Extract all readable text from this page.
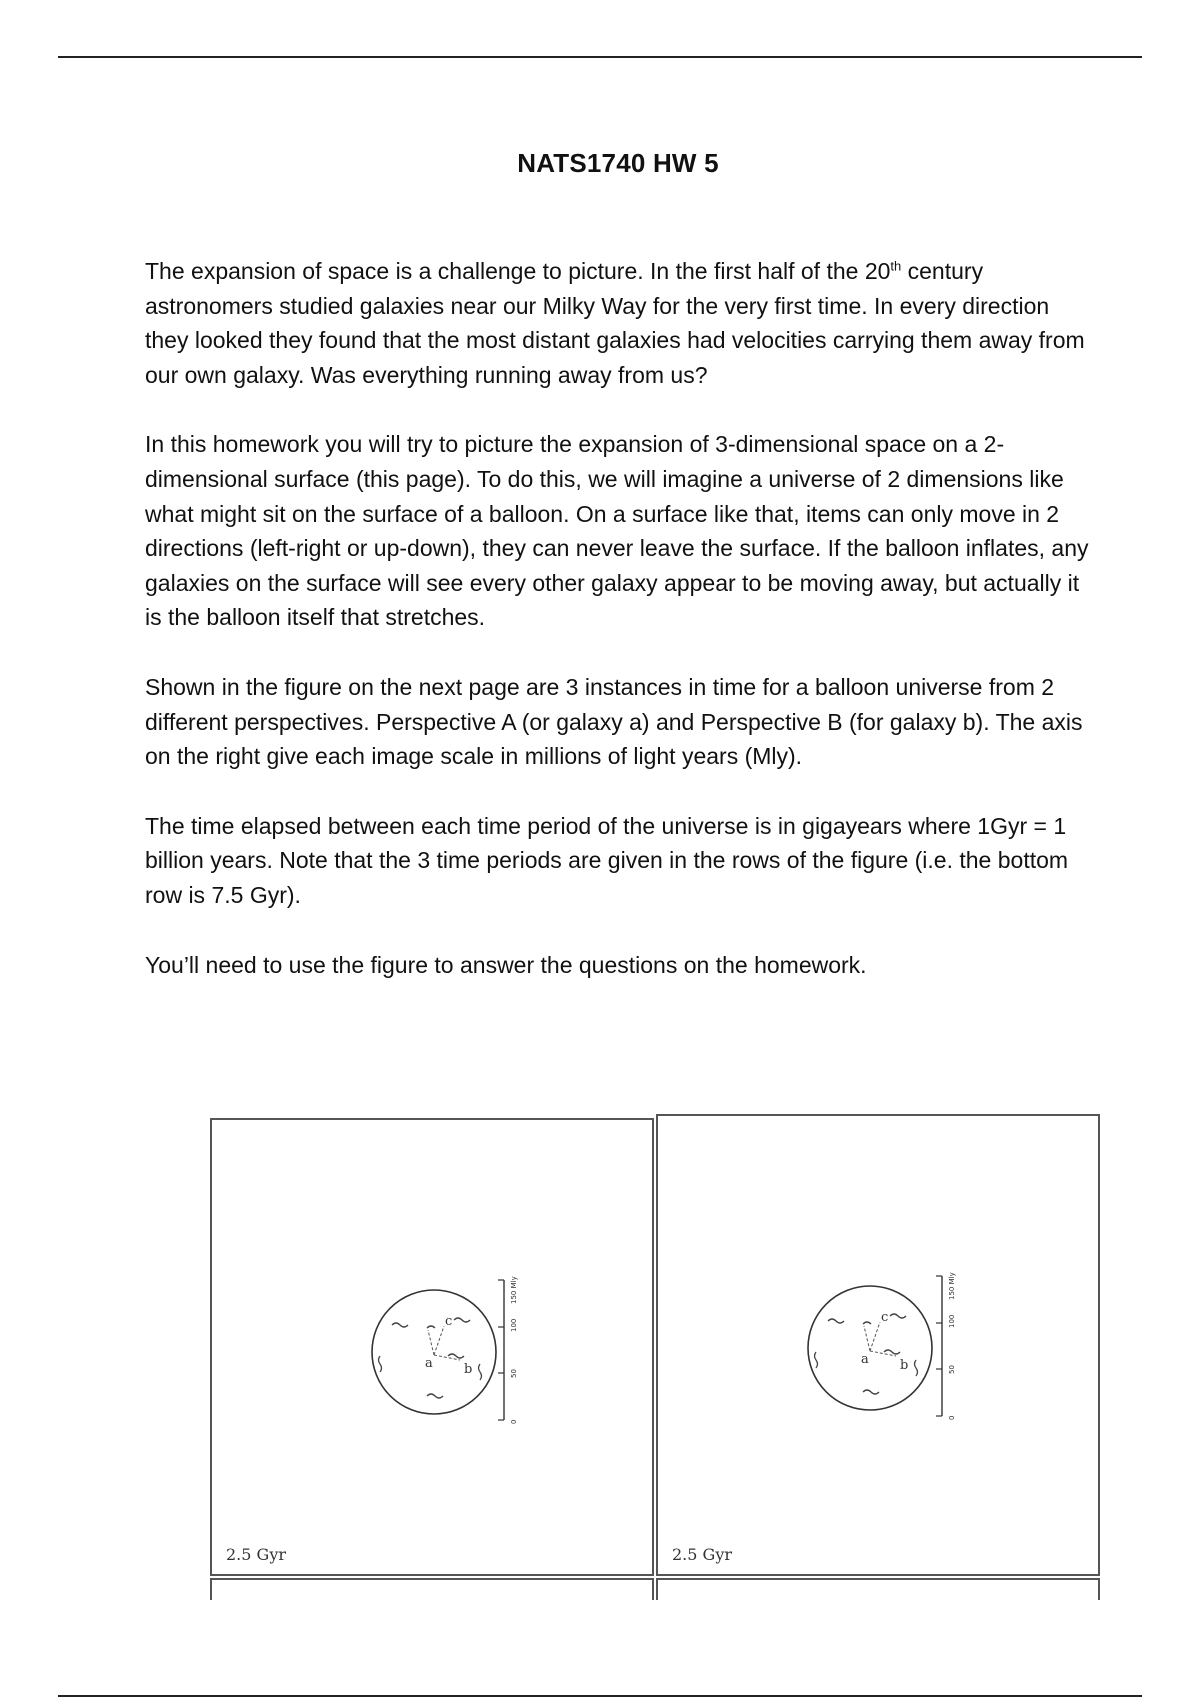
NATS1740 HW 5

The expansion of space is a challenge to picture. In the first half of the 20th century astronomers studied galaxies near our Milky Way for the very first time. In every direction they looked they found that the most distant galaxies had velocities carrying them away from our own galaxy. Was everything running away from us?

In this homework you will try to picture the expansion of 3-dimensional space on a 2-dimensional surface (this page). To do this, we will imagine a universe of 2 dimensions like what might sit on the surface of a balloon. On a surface like that, items can only move in 2 directions (left-right or up-down), they can never leave the surface. If the balloon inflates, any galaxies on the surface will see every other galaxy appear to be moving away, but actually it is the balloon itself that stretches.

Shown in the figure on the next page are 3 instances in time for a balloon universe from 2 different perspectives. Perspective A (or galaxy a) and Perspective B (for galaxy b). The axis on the right give each image scale in millions of light years (Mly).

The time elapsed between each time period of the universe is in gigayears where 1Gyr = 1 billion years. Note that the 3 time periods are given in the rows of the figure (i.e. the bottom row is 7.5 Gyr).

You’ll need to use the figure to answer the questions on the homework.

a b
c
0
50
100
150 Mly
2.5 Gyr
a b
c
0
50
100
150 Mly
2.5 Gyr
